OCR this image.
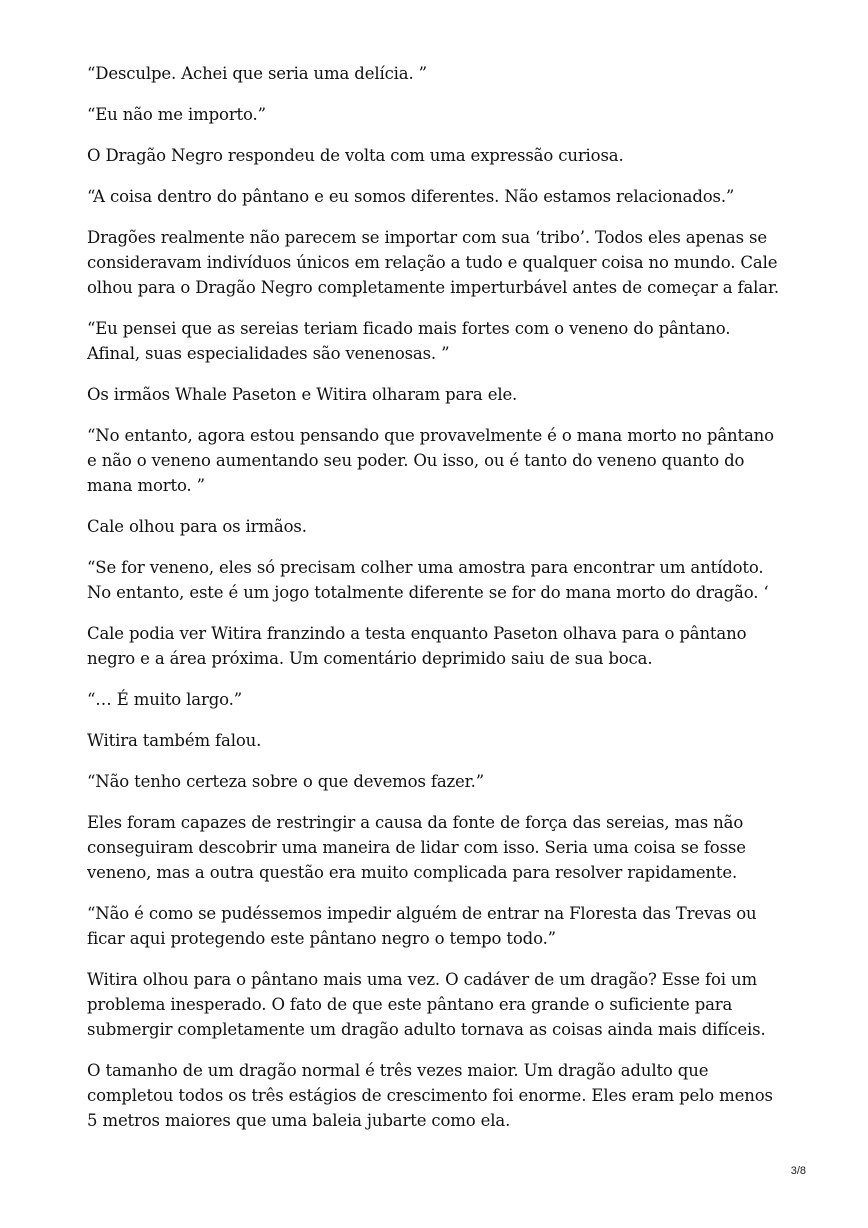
“Desculpe. Achei que seria uma delícia. ”

“Eu não me importo.”

O Dragão Negro respondeu de volta com uma expressão curiosa.

“A coisa dentro do pântano e eu somos diferentes. Não estamos relacionados.”

Dragões realmente não parecem se importar com sua ‘tribo’. Todos eles apenas se consideravam indivíduos únicos em relação a tudo e qualquer coisa no mundo. Cale olhou para o Dragão Negro completamente imperturbável antes de começar a falar.

“Eu pensei que as sereias teriam ficado mais fortes com o veneno do pântano. Afinal, suas especialidades são venenosas. ”

Os irmãos Whale Paseton e Witira olharam para ele.

“No entanto, agora estou pensando que provavelmente é o mana morto no pântano e não o veneno aumentando seu poder. Ou isso, ou é tanto do veneno quanto do mana morto. ”

Cale olhou para os irmãos.

“Se for veneno, eles só precisam colher uma amostra para encontrar um antídoto. No entanto, este é um jogo totalmente diferente se for do mana morto do dragão. ‘

Cale podia ver Witira franzindo a testa enquanto Paseton olhava para o pântano negro e a área próxima. Um comentário deprimido saiu de sua boca.

“… É muito largo.”

Witira também falou.

“Não tenho certeza sobre o que devemos fazer.”

Eles foram capazes de restringir a causa da fonte de força das sereias, mas não conseguiram descobrir uma maneira de lidar com isso. Seria uma coisa se fosse veneno, mas a outra questão era muito complicada para resolver rapidamente.

“Não é como se pudéssemos impedir alguém de entrar na Floresta das Trevas ou ficar aqui protegendo este pântano negro o tempo todo.”

Witira olhou para o pântano mais uma vez. O cadáver de um dragão? Esse foi um problema inesperado. O fato de que este pântano era grande o suficiente para submergir completamente um dragão adulto tornava as coisas ainda mais difíceis.

O tamanho de um dragão normal é três vezes maior. Um dragão adulto que completou todos os três estágios de crescimento foi enorme. Eles eram pelo menos 5 metros maiores que uma baleia jubarte como ela.

3/8
